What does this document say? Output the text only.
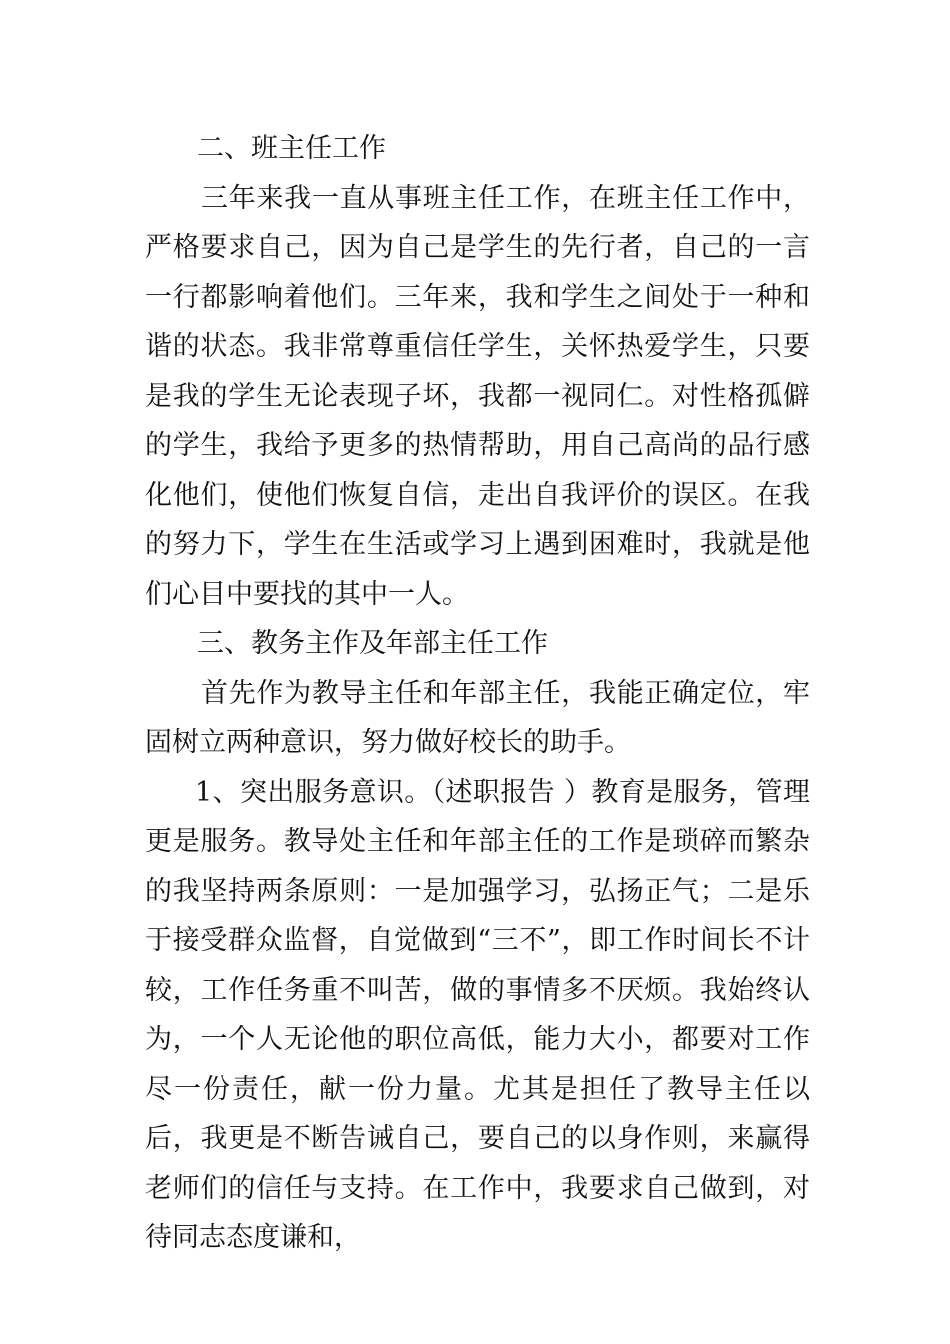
二、班主任工作

三年来我一直从事班主任工作，在班主任工作中，严格要求自己，因为自己是学生的先行者，自己的一言一行都影响着他们。三年来，我和学生之间处于一种和谐的状态。我非常尊重信任学生，关怀热爱学生，只要是我的学生无论表现子坏，我都一视同仁。对性格孤僻的学生，我给予更多的热情帮助，用自己高尚的品行感化他们，使他们恢复自信，走出自我评价的误区。在我的努力下，学生在生活或学习上遇到困难时，我就是他们心目中要找的其中一人。

三、教务主作及年部主任工作

首先作为教导主任和年部主任，我能正确定位，牢固树立两种意识，努力做好校长的助手。

1、突出服务意识。（述职报告 ）教育是服务，管理更是服务。教导处主任和年部主任的工作是琐碎而繁杂的我坚持两条原则：一是加强学习，弘扬正气；二是乐于接受群众监督，自觉做到“三不”，即工作时间长不计较，工作任务重不叫苦，做的事情多不厌烦。我始终认为，一个人无论他的职位高低，能力大小，都要对工作尽一份责任，献一份力量。尤其是担任了教导主任以后，我更是不断告诫自己，要自己的以身作则，来赢得老师们的信任与支持。在工作中，我要求自己做到，对待同志态度谦和，
